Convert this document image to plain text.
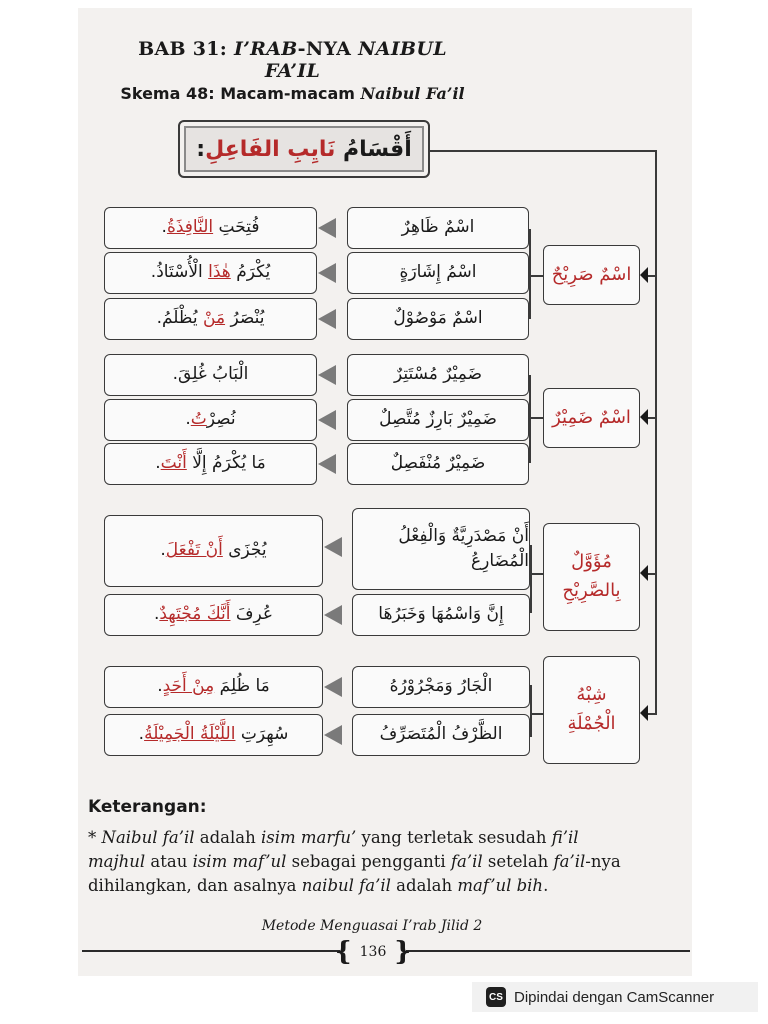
BAB 31: I’RAB-NYA NAIBUL FA’IL
Skema 48: Macam-macam Naibul Fa’il
أَقْسَامُ

نَايِبِ الفَاعِلِ
:
اسْمٌ صَرِيْحٌ
اسْمٌ ظَاهِرٌ
فُتِحَتِ النَّافِذَةُ.
اسْمُ إِشَارَةٍ
يُكْرَمُ هٰذَا الْأُسْتَاذُ.
اسْمٌ مَوْصُوْلٌ
يُنْصَرُ مَنْ يُظْلَمُ.
اسْمٌ ضَمِيْرٌ
ضَمِيْرٌ مُسْتَتِرٌ
الْبَابُ غُلِقَ.
ضَمِيْرٌ بَارِزٌ مُتَّصِلٌ
نُصِرْتُ.
ضَمِيْرٌ مُنْفَصِلٌ
مَا يُكْرَمُ إِلَّا أَنْتَ.
مُؤَوَّلٌ
بِالصَّرِيْحِ
أَنْ مَصْدَرِيَّةٌ وَالْفِعْلُ الْمُضَارِعُ
يُجْزَى أَنْ تَفْعَلَ.
إِنَّ وَاسْمُهَا وَخَبَرُهَا
عُرِفَ أَنَّكَ مُجْتَهِدٌ.
شِبْهُ
الْجُمْلَةِ
الْجَارُ وَمَجْرُوْرُهُ
مَا ظُلِمَ مِنْ أَحَدٍ.
الظَّرْفُ الْمُتَصَرِّفُ
سُهِرَتِ اللَّيْلَةُ الْجَمِيْلَةُ.
Keterangan:
* Naibul fa’il adalah isim marfu’ yang terletak sesudah fi’il
majhul atau isim maf’ul sebagai pengganti fa’il setelah fa’il-nya
dihilangkan, dan asalnya naibul fa’il adalah maf’ul bih.
Metode Menguasai I’rab Jilid 2
{ 136 }
CS Dipindai dengan CamScanner
